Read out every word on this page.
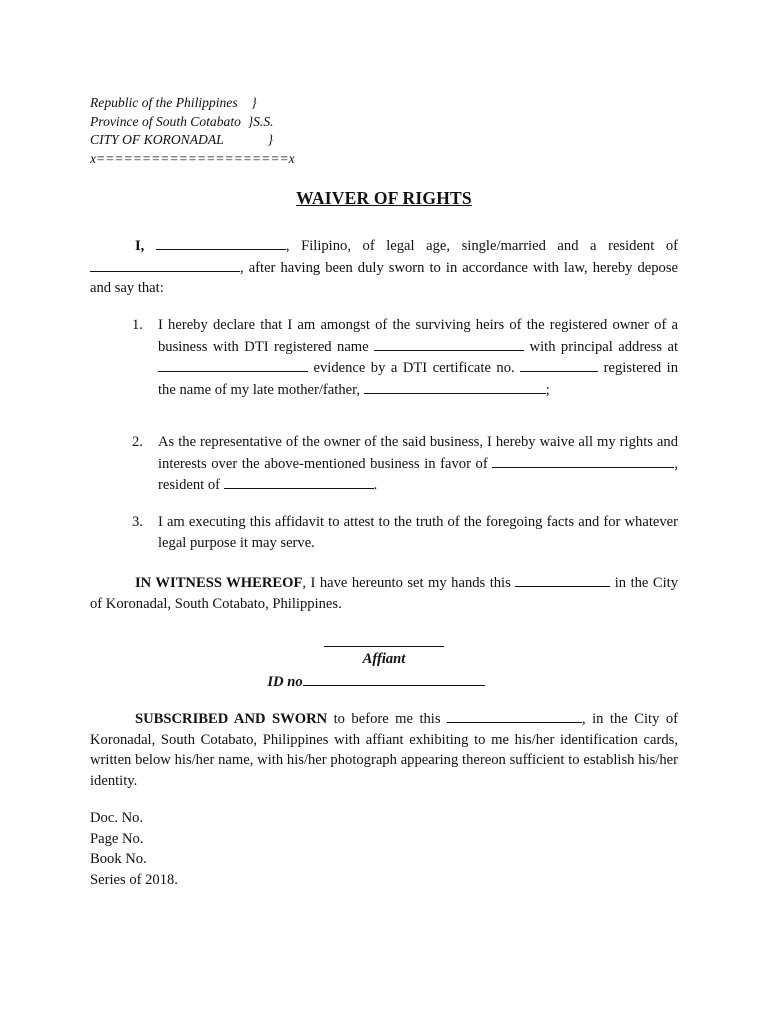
Republic of the Philippines    }
Province of South Cotabato  }S.S.
CITY OF KORONADAL             }
x=====================x
WAIVER OF RIGHTS
I,	, Filipino, of legal age, single/married and a resident of , after having been duly sworn to in accordance with law, hereby depose and say that:
1. I hereby declare that I am amongst of the surviving heirs of the registered owner of a business with DTI registered name	with principal address at  evidence by a DTI certificate no.	registered in the name of my late mother/father,	;
2. As the representative of the owner of the said business, I hereby waive all my rights and interests over the above-mentioned business in favor of	, resident of	.
3. I am executing this affidavit to attest to the truth of the foregoing facts and for whatever legal purpose it may serve.
IN WITNESS WHEREOF, I have hereunto set my hands this	in the City of Koronadal, South Cotabato, Philippines.
Affiant
ID no
SUBSCRIBED AND SWORN to before me this	, in the City of Koronadal, South Cotabato, Philippines with affiant exhibiting to me his/her identification cards, written below his/her name, with his/her photograph appearing thereon sufficient to establish his/her identity.
Doc. No.
Page No.
Book No.
Series of 2018.
